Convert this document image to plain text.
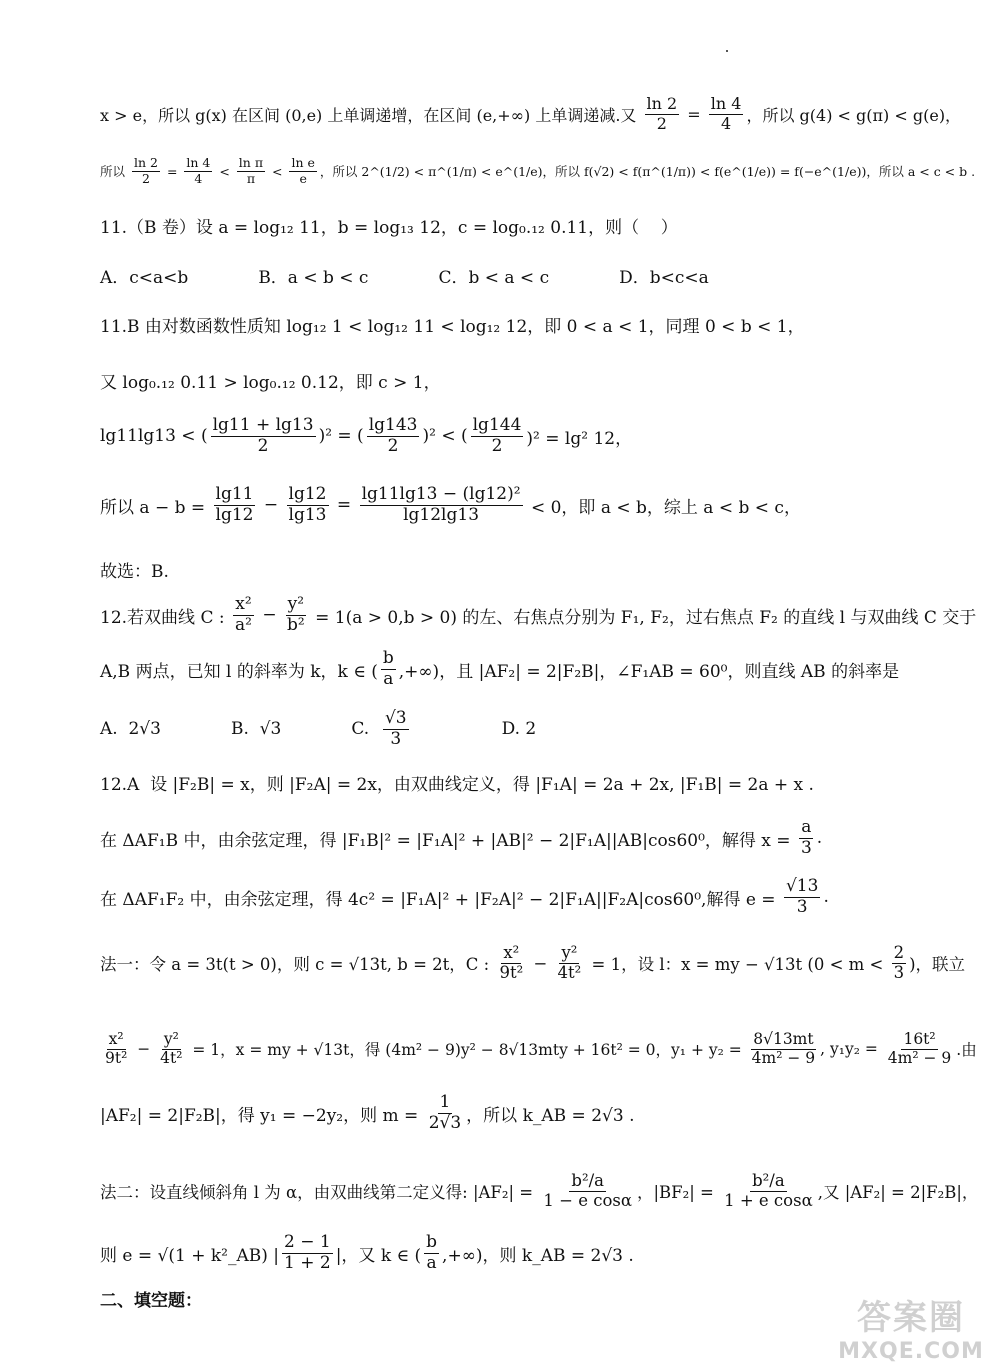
x > e，所以 g(x) 在区间 (0,e) 上单调递增，在区间 (e,+∞) 上单调递减.又 $\frac{\ln 2}{2} = \frac{\ln 4}{4}$ ，所以 g(4) < g(π) < g(e)，
所以 $\frac{\ln 2}{2} = \frac{\ln 4}{4} < \frac{\text{ln π}}{\pi} < \frac{\text{ln e}}{e}$ ，所以 2^(1/2) < π^(1/π) < e^(1/e)，所以 f(√2) < f(π^(1/π)) < f(e^(1/e)) = f(−e^(1/e))，所以 a < c < b .
11.（B 卷）设 a = log₁₂ 11，b = log₁₃ 12，c = log₀.₁₂ 0.11，则（    ）
A．c<a<b	B．a < b < c	C．b < a < c	D．b<c<a
11.B 由对数函数性质知 log₁₂ 1 < log₁₂ 11 < log₁₂ 12，即 0 < a < 1，同理 0 < b < 1，
又 log₀.₁₂ 0.11 > log₀.₁₂ 0.12，即 c > 1，
lg11lg13 < ( $\frac{\lg 11 + \lg 13}{2} )^2$ = ( $\frac{\lg 143}{2} )^2$ < ( $\frac{\lg 144}{2} )^2 = \lg^2$ 12，
所以 $a - b = \frac{\lg 11}{\lg 12} - \frac{\lg 12}{\lg 13} = \frac{\text{lg11lg13 − (lg12)²}}{\lg 12\lg 13} < 0$，即 a < b，综上 a < b < c，
故选：B.
12.若双曲线 C : $\frac{\text{x²}}{\text{a²}} - \frac{\text{y²}}{\text{b²}} = 1(a > 0,b > 0)$ 的左、右焦点分别为 F₁, F₂，过右焦点 F₂ 的直线 l 与双曲线 C 交于
A,B 两点，已知 l 的斜率为 k，k ∈ ( $\frac{b}{a}$ ,+∞)，且 |AF₂| = 2|F₂B|，∠F₁AB = 60⁰，则直线 AB 的斜率是
A.  2√3	B.  √3	C. $\frac{√3}{3}$	D. 2
12.A  设 |F₂B| = x，则 |F₂A| = 2x，由双曲线定义，得 |F₁A| = 2a + 2x, |F₁B| = 2a + x .
在 ΔAF₁B 中，由余弦定理，得 |F₁B|² = |F₁A|² + |AB|² − 2|F₁A||AB|cos60⁰，解得 $x = \frac{a}{3}$ .
在 ΔAF₁F₂ 中，由余弦定理，得 4c² = |F₁A|² + |F₂A|² − 2|F₁A||F₂A|cos60⁰,解得 $e = \frac{√13}{3}$ .
法一：令 a = 3t(t > 0)，则 c = √13t, b = 2t，C : $\frac{\text{x²}}{\text{9t²}} - \frac{\text{y²}}{\text{4t²}} = 1$，设 l：x = my − √13t ($0 < m < \frac{2}{3}$ )，联立
$\frac{\text{x²}}{\text{9t²}} - \frac{\text{y²}}{\text{4t²}} = 1$，x = my + √13t，得 (4m² − 9)y² − 8√13mty + 16t² = 0，$y_1 + y_2 = \frac{8√13mt}{\text{4m² − 9}}$ , $y_1y_2 = \frac{\text{16t²}}{\text{4m² − 9}}$ .由
|AF₂| = 2|F₂B|，得 y₁ = −2y₂，则 $m = \frac{1}{2√3}$ ，所以 k_AB = 2√3 .
法二：设直线倾斜角 l 为 α，由双曲线第二定义得: $|AF_2| = \frac{\text{b²/a}}{\text{1 − e cosα}}$ ，$|BF_2| = \frac{\text{b²/a}}{\text{1 + e cosα}}$ ,又 |AF₂| = 2|F₂B|，
则 e = √(1 + k²_AB) | $\frac{2 - 1}{1 + 2}$ |，又 k ∈ ( $\frac{b}{a}$ ,+∞)，则 k_AB = 2√3 .
二、填空题：	答案圈
MXQE.COM
